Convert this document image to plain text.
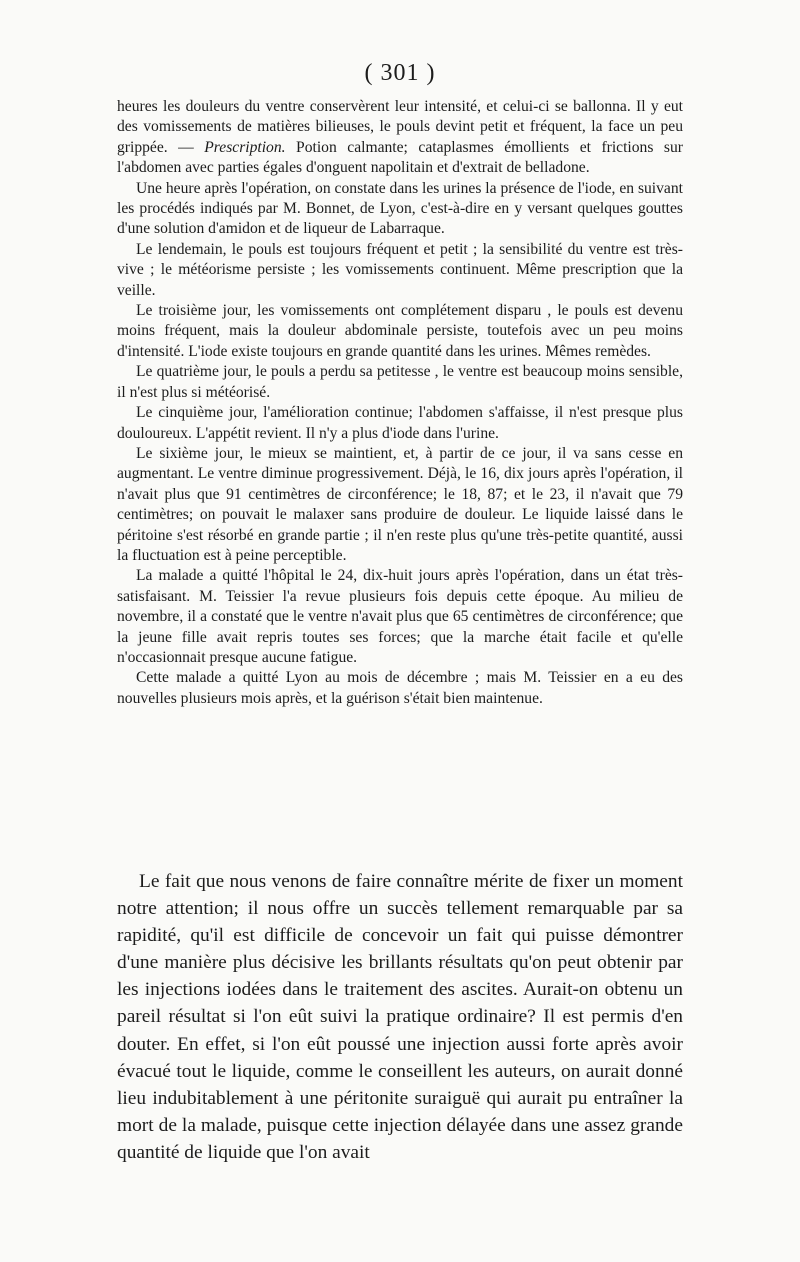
( 301 )

heures les douleurs du ventre conservèrent leur intensité, et celui-ci se ballonna. Il y eut des vomissements de matières bilieuses, le pouls devint petit et fréquent, la face un peu grippée. — Prescription. Potion calmante; cataplasmes émollients et frictions sur l'abdomen avec parties égales d'onguent napolitain et d'extrait de belladone.

Une heure après l'opération, on constate dans les urines la présence de l'iode, en suivant les procédés indiqués par M. Bonnet, de Lyon, c'est-à-dire en y versant quelques gouttes d'une solution d'amidon et de liqueur de Labarraque.

Le lendemain, le pouls est toujours fréquent et petit ; la sensibilité du ventre est très-vive ; le météorisme persiste ; les vomissements continuent. Même prescription que la veille.

Le troisième jour, les vomissements ont complétement disparu , le pouls est devenu moins fréquent, mais la douleur abdominale persiste, toutefois avec un peu moins d'intensité. L'iode existe toujours en grande quantité dans les urines. Mêmes remèdes.

Le quatrième jour, le pouls a perdu sa petitesse , le ventre est beaucoup moins sensible, il n'est plus si météorisé.

Le cinquième jour, l'amélioration continue; l'abdomen s'affaisse, il n'est presque plus douloureux. L'appétit revient. Il n'y a plus d'iode dans l'urine.

Le sixième jour, le mieux se maintient, et, à partir de ce jour, il va sans cesse en augmentant. Le ventre diminue progressivement. Déjà, le 16, dix jours après l'opération, il n'avait plus que 91 centimètres de circonférence; le 18, 87; et le 23, il n'avait que 79 centimètres; on pouvait le malaxer sans produire de douleur. Le liquide laissé dans le péritoine s'est résorbé en grande partie ; il n'en reste plus qu'une très-petite quantité, aussi la fluctuation est à peine perceptible.

La malade a quitté l'hôpital le 24, dix-huit jours après l'opération, dans un état très-satisfaisant. M. Teissier l'a revue plusieurs fois depuis cette époque. Au milieu de novembre, il a constaté que le ventre n'avait plus que 65 centimètres de circonférence; que la jeune fille avait repris toutes ses forces; que la marche était facile et qu'elle n'occasionnait presque aucune fatigue.

Cette malade a quitté Lyon au mois de décembre ; mais M. Teissier en a eu des nouvelles plusieurs mois après, et la guérison s'était bien maintenue.

Le fait que nous venons de faire connaître mérite de fixer un moment notre attention; il nous offre un succès tellement remarquable par sa rapidité, qu'il est difficile de concevoir un fait qui puisse démontrer d'une manière plus décisive les brillants résultats qu'on peut obtenir par les injections iodées dans le traitement des ascites. Aurait-on obtenu un pareil résultat si l'on eût suivi la pratique ordinaire? Il est permis d'en douter. En effet, si l'on eût poussé une injection aussi forte après avoir évacué tout le liquide, comme le conseillent les auteurs, on aurait donné lieu indubitablement à une péritonite suraiguë qui aurait pu entraîner la mort de la malade, puisque cette injection délayée dans une assez grande quantité de liquide que l'on avait
